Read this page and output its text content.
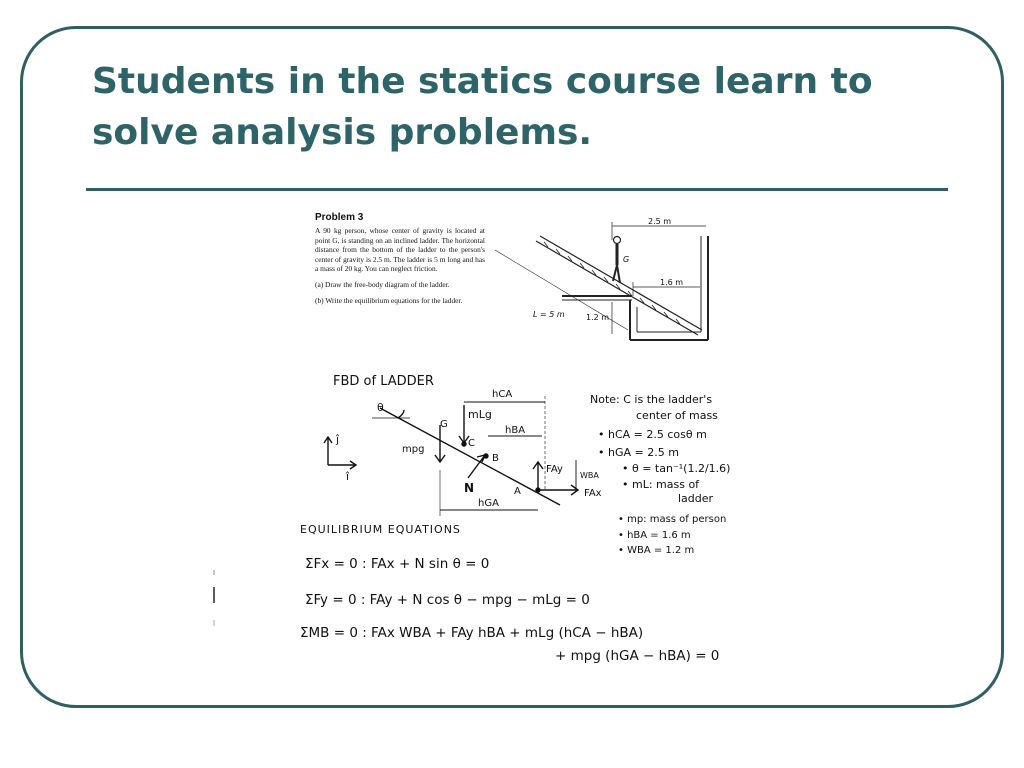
Students in the statics course learn to solve analysis problems.
Problem 3
A 90 kg person, whose center of gravity is located at point G, is standing on an inclined ladder. The horizontal distance from the bottom of the ladder to the person's center of gravity is 2.5 m. The ladder is 5 m long and has a mass of 20 kg. You can neglect friction.
(a) Draw the free-body diagram of the ladder.
(b) Write the equilibrium equations for the ladder.
2.5 m
1.6 m
1.2 m
L = 5 m
G
FBD of LADDER
θ
G
mLg
mpg
C
B
N	A
hCA
hBA
hGA
FAy
FAx
WBA
ĵ
î
Note: C is the ladder's
center of mass
• hCA = 2.5 cosθ m
• hGA = 2.5 m
• θ = tan⁻¹(1.2/1.6)
• mL: mass of
ladder
• mp: mass of person
• hBA = 1.6 m
• WBA = 1.2 m
EQUILIBRIUM EQUATIONS
ΣFx = 0 : FAx + N sin θ = 0
ΣFy = 0 : FAy + N cos θ − mpg − mLg = 0
ΣMB = 0 : FAx WBA + FAy hBA + mLg (hCA − hBA)
+ mpg (hGA − hBA) = 0
